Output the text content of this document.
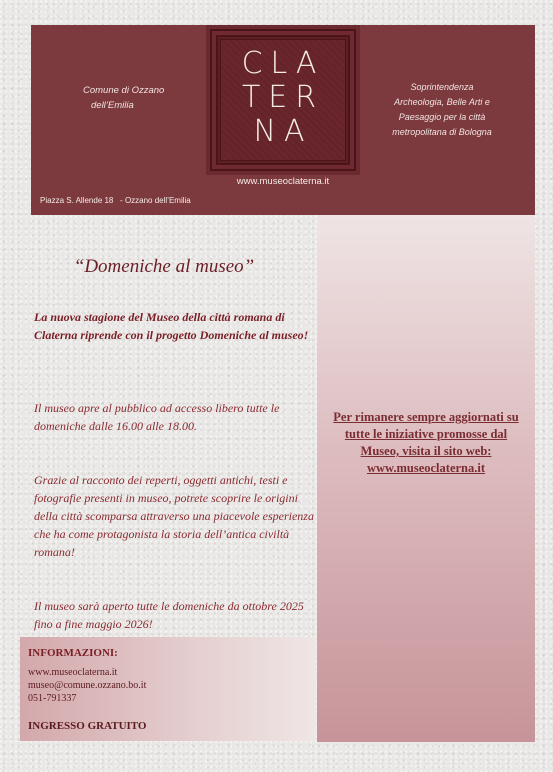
Comune di Ozzano

dell’Emilia
CLA
TER
NA
Soprintendenza
Archeologia, Belle Arti e
Paesaggio per la città
metropolitana di Bologna
www.museoclaterna.it
Piazza S. Allende 18   - Ozzano dell’Emilia
Per rimanere sempre aggiornati su tutte le iniziative promosse dal Museo, visita il sito web: www.museoclaterna.it
“Domeniche al museo”
La nuova stagione del Museo della città romana di Claterna riprende con il progetto Domeniche al museo!
Il museo apre al pubblico ad accesso libero tutte le domeniche dalle 16.00 alle 18.00.
Grazie al racconto dei reperti, oggetti antichi, testi e fotografie presenti in museo, potrete scoprire le origini della città scomparsa attraverso una piacevole esperienza che ha come protagonista la storia dell’antica civiltà romana!
Il museo sarà aperto tutte le domeniche da ottobre 2025 fino a fine maggio 2026!
INFORMAZIONI:
www.museoclaterna.it
museo@comune.ozzano.bo.it
051-791337
INGRESSO GRATUITO
